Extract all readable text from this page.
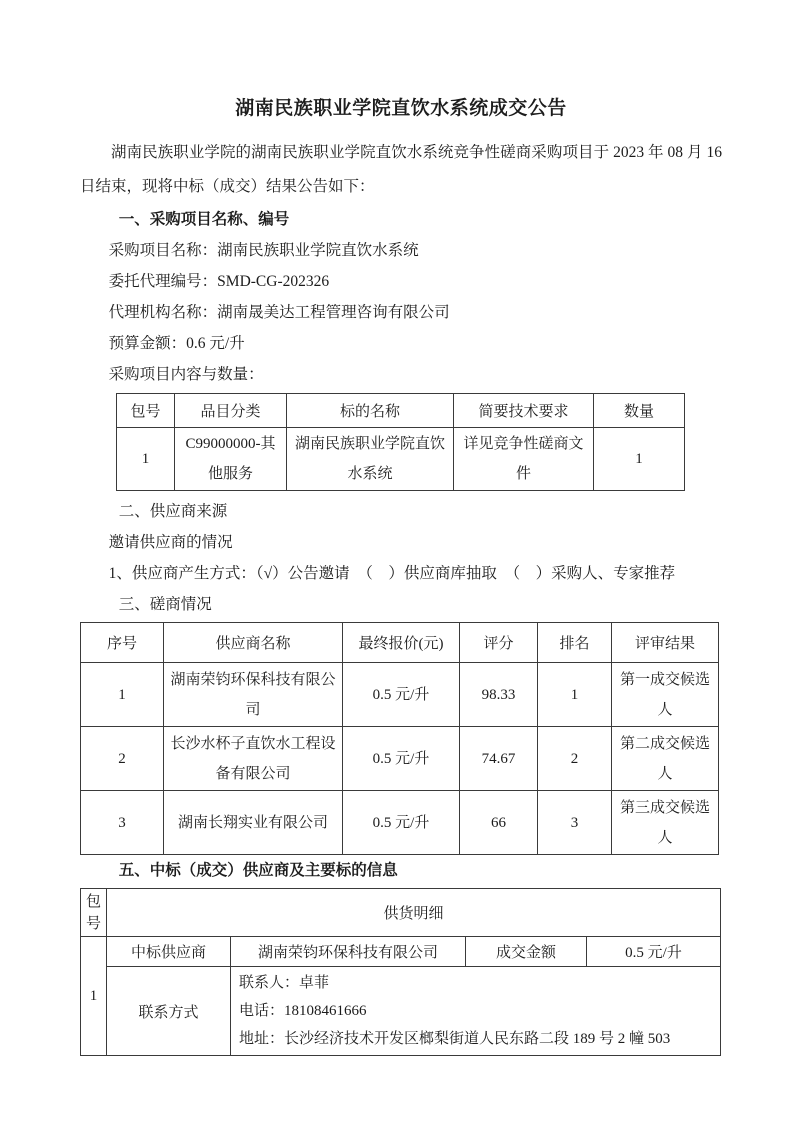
湖南民族职业学院直饮水系统成交公告

湖南民族职业学院的湖南民族职业学院直饮水系统竞争性磋商采购项目于 2023 年 08 月 16 日结束，现将中标（成交）结果公告如下：

一、采购项目名称、编号
采购项目名称：湖南民族职业学院直饮水系统
委托代理编号：SMD-CG-202326
代理机构名称：湖南晟美达工程管理咨询有限公司
预算金额：0.6 元/升
采购项目内容与数量：
包号	品目分类	标的名称	简要技术要求	数量
1	C99000000-其他服务	湖南民族职业学院直饮水系统	详见竞争性磋商文件	1
二、供应商来源
邀请供应商的情况
1、供应商产生方式：（√）公告邀请　（　）供应商库抽取　（　）采购人、专家推荐
三、磋商情况
序号	供应商名称	最终报价(元)	评分	排名	评审结果
1	湖南荣钧环保科技有限公司	0.5 元/升	98.33	1	第一成交候选人
2	长沙水杯子直饮水工程设备有限公司	0.5 元/升	74.67	2	第二成交候选人
3	湖南长翔实业有限公司	0.5 元/升	66	3	第三成交候选人
五、中标（成交）供应商及主要标的信息
包号	供货明细			
1	中标供应商	湖南荣钧环保科技有限公司	成交金额	0.5 元/升
	联系方式	联系人：卓菲
电话：18108461666
地址：长沙经济技术开发区榔梨街道人民东路二段 189 号 2 幢 503		
